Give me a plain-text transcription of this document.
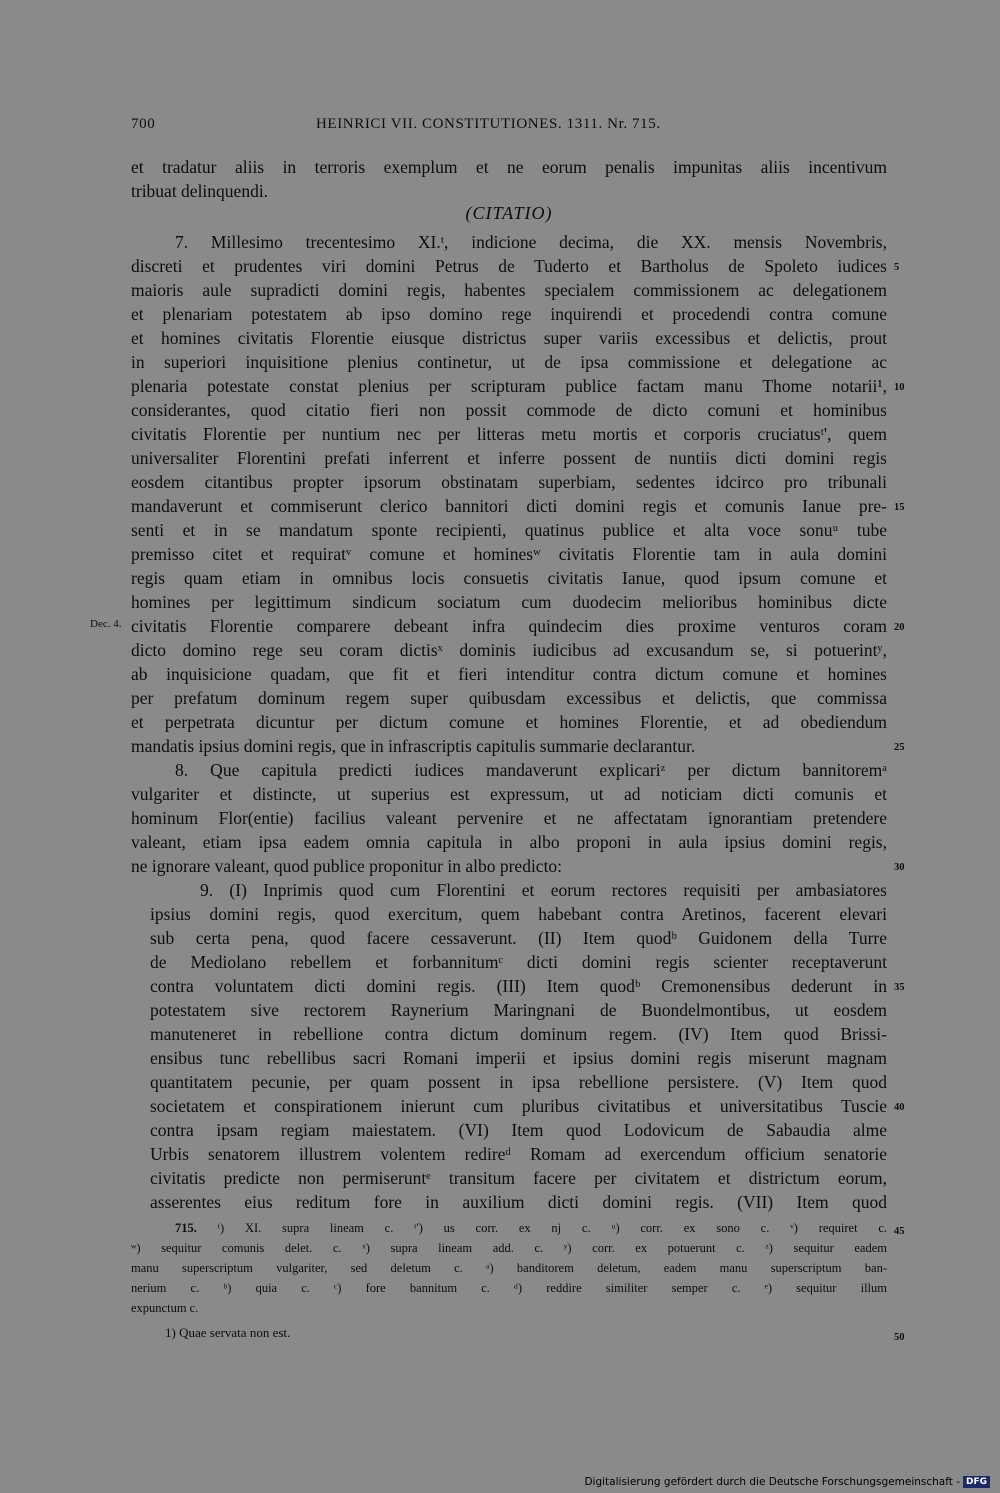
700	HEINRICI VII. CONSTITUTIONES. 1311. Nr. 715.
et tradatur aliis in terroris exemplum et ne eorum penalis impunitas aliis incentivum
tribuat delinquendi.
(CITATIO)
7. Millesimo trecentesimo XI.ᵗ, indicione decima, die XX. mensis Novembris,
discreti et prudentes viri domini Petrus de Tuderto et Bartholus de Spoleto iudices
maioris aule supradicti domini regis, habentes specialem commissionem ac delegationem
et plenariam potestatem ab ipso domino rege inquirendi et procedendi contra comune
et homines civitatis Florentie eiusque districtus super variis excessibus et delictis, prout
in superiori inquisitione plenius continetur, ut de ipsa commissione et delegatione ac
plenaria potestate constat plenius per scripturam publice factam manu Thome notarii¹,
considerantes, quod citatio fieri non possit commode de dicto comuni et hominibus
civitatis Florentie per nuntium nec per litteras metu mortis et corporis cruciatusᵗ', quem
universaliter Florentini prefati inferrent et inferre possent de nuntiis dicti domini regis
eosdem citantibus propter ipsorum obstinatam superbiam, sedentes idcirco pro tribunali
mandaverunt et commiserunt clerico bannitori dicti domini regis et comunis Ianue pre-
senti et in se mandatum sponte recipienti, quatinus publice et alta voce sonuᵘ tube
premisso citet et requiratᵛ comune et hominesʷ civitatis Florentie tam in aula domini
regis quam etiam in omnibus locis consuetis civitatis Ianue, quod ipsum comune et
homines per legittimum sindicum sociatum cum duodecim melioribus hominibus dicte
civitatis Florentie comparere debeant infra quindecim dies proxime venturos coram
dicto domino rege seu coram dictisˣ dominis iudicibus ad excusandum se, si potuerintʸ,
ab inquisicione quadam, que fit et fieri intenditur contra dictum comune et homines
per prefatum dominum regem super quibusdam excessibus et delictis, que commissa
et perpetrata dicuntur per dictum comune et homines Florentie, et ad obediendum
mandatis ipsius domini regis, que in infrascriptis capitulis summarie declarantur.
8. Que capitula predicti iudices mandaverunt explicariᶻ per dictum bannitoremᵃ
vulgariter et distincte, ut superius est expressum, ut ad noticiam dicti comunis et
hominum Flor(entie) facilius valeant pervenire et ne affectatam ignorantiam pretendere
valeant, etiam ipsa eadem omnia capitula in albo proponi in aula ipsius domini regis,
ne ignorare valeant, quod publice proponitur in albo predicto:
9. (I) Inprimis quod cum Florentini et eorum rectores requisiti per ambasiatores
ipsius domini regis, quod exercitum, quem habebant contra Aretinos, facerent elevari
sub certa pena, quod facere cessaverunt. (II) Item quodᵇ Guidonem della Turre
de Mediolano rebellem et forbannitumᶜ dicti domini regis scienter receptaverunt
contra voluntatem dicti domini regis. (III) Item quodᵇ Cremonensibus dederunt in
potestatem sive rectorem Raynerium Maringnani de Buondelmontibus, ut eosdem
manuteneret in rebellione contra dictum dominum regem. (IV) Item quod Brissi-
ensibus tunc rebellibus sacri Romani imperii et ipsius domini regis miserunt magnam
quantitatem pecunie, per quam possent in ipsa rebellione persistere. (V) Item quod
societatem et conspirationem inierunt cum pluribus civitatibus et universitatibus Tuscie
contra ipsam regiam maiestatem. (VI) Item quod Lodovicum de Sabaudia alme
Urbis senatorem illustrem volentem redireᵈ Romam ad exercendum officium senatorie
civitatis predicte non permiseruntᵉ transitum facere per civitatem et districtum eorum,
asserentes eius reditum fore in auxilium dicti domini regis. (VII) Item quod
5
10
15
20
25
30
35
40
45
50
Dec. 4.
715. ᵗ) XI. supra lineam c. ᵗ') us corr. ex nj c. ᵘ) corr. ex sono c. ᵛ) requiret c.
ʷ) sequitur comunis delet. c. ˣ) supra lineam add. c. ʸ) corr. ex potuerunt c. ᶻ) sequitur eadem
manu superscriptum vulgariter, sed deletum c. ᵃ) banditorem deletum, eadem manu superscriptum ban-
nerium c. ᵇ) quia c. ᶜ) fore bannitum c. ᵈ) reddire similiter semper c. ᵉ) sequitur illum
expunctum c.
1) Quae servata non est.
Digitalisierung gefördert durch die Deutsche Forschungsgemeinschaft - DFG
